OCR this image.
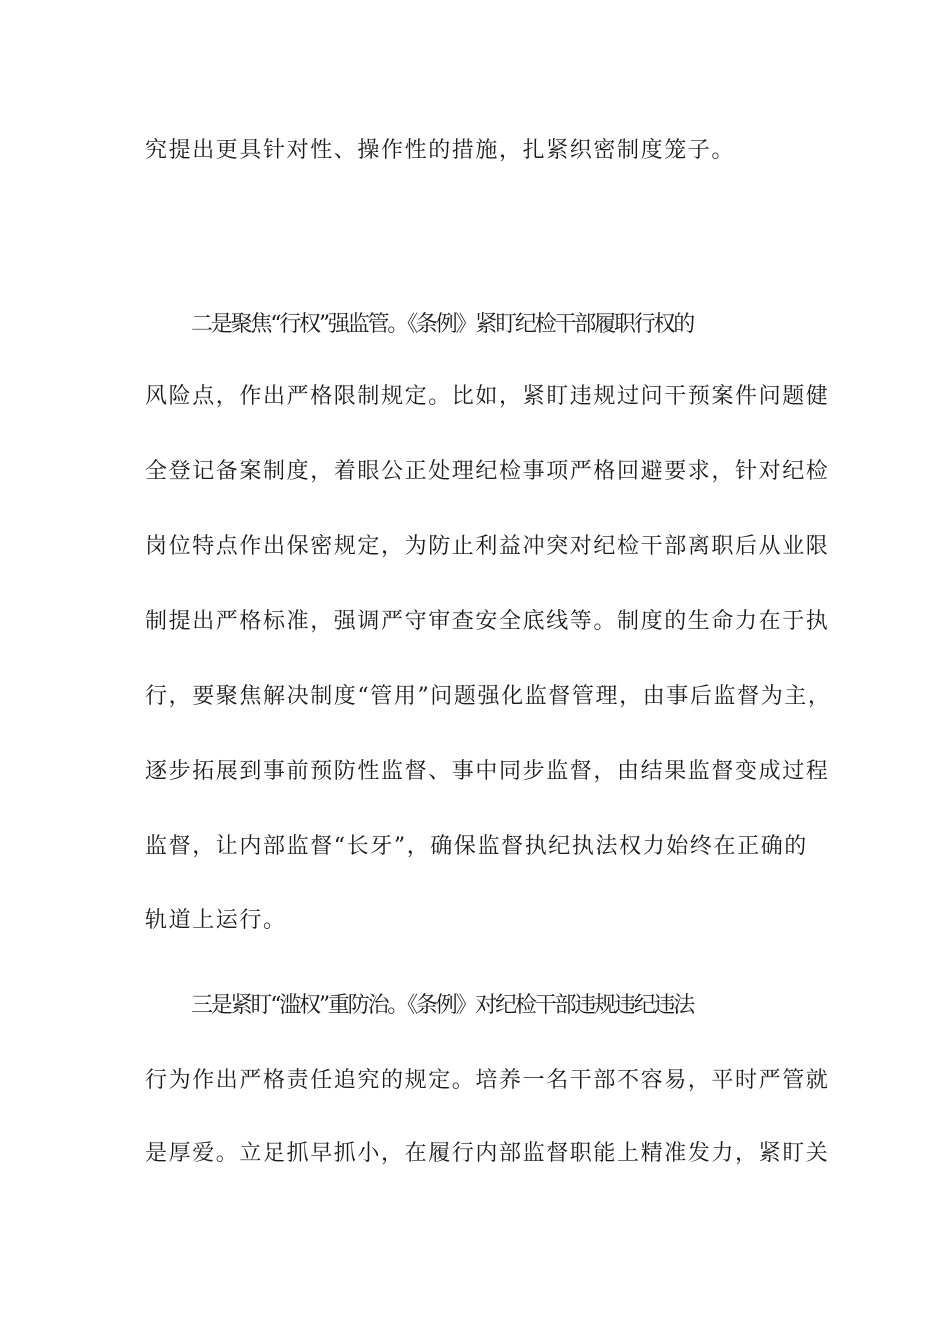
究提出更具针对性、操作性的措施，扎紧织密制度笼子。
二是聚焦“行权”强监管。《条例》紧盯纪检干部履职行权的
风险点，作出严格限制规定。比如，紧盯违规过问干预案件问题健
全登记备案制度，着眼公正处理纪检事项严格回避要求，针对纪检
岗位特点作出保密规定，为防止利益冲突对纪检干部离职后从业限
制提出严格标准，强调严守审查安全底线等。制度的生命力在于执
行，要聚焦解决制度“管用”问题强化监督管理，由事后监督为主，
逐步拓展到事前预防性监督、事中同步监督，由结果监督变成过程
监督，让内部监督“长牙”，确保监督执纪执法权力始终在正确的
轨道上运行。
三是紧盯“滥权”重防治。《条例》对纪检干部违规违纪违法
行为作出严格责任追究的规定。培养一名干部不容易，平时严管就
是厚爱。立足抓早抓小，在履行内部监督职能上精准发力，紧盯关
